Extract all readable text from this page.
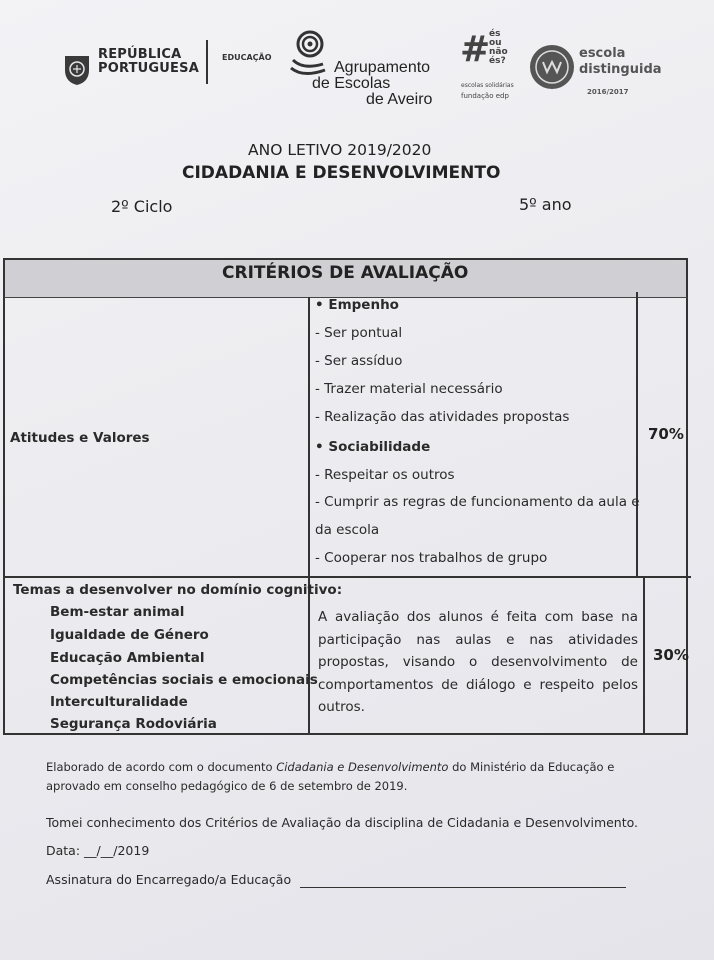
REPÚBLICA
PORTUGUESA
EDUCAÇÃO
Agrupamento
de Escolas
de Aveiro
#
és
ou
não
és?
escolas solidárias
fundação edp
escola
distinguida
2016/2017
ANO LETIVO 2019/2020
CIDADANIA E DESENVOLVIMENTO
2º Ciclo	5º ano
CRITÉRIOS DE AVALIAÇÃO
Atitudes e Valores
• Empenho
- Ser pontual
- Ser assíduo
- Trazer material necessário
- Realização das atividades propostas
• Sociabilidade
- Respeitar os outros
- Cumprir as regras de funcionamento da aula e
da escola
- Cooperar nos trabalhos de grupo
70%
Temas a desenvolver no domínio cognitivo:
Bem-estar animal
Igualdade de Género
Educação Ambiental
Competências sociais e emocionais
Interculturalidade
Segurança Rodoviária
A avaliação dos alunos é feita com base na participação nas aulas e nas atividades propostas, visando o desenvolvimento de comportamentos de diálogo e respeito pelos outros.
30%
Elaborado de acordo com o documento Cidadania e Desenvolvimento do Ministério da Educação e
aprovado em conselho pedagógico de 6 de setembro de 2019.
Tomei conhecimento dos Critérios de Avaliação da disciplina de Cidadania e Desenvolvimento.
Data: __/__/2019
Assinatura do Encarregado/a Educação
